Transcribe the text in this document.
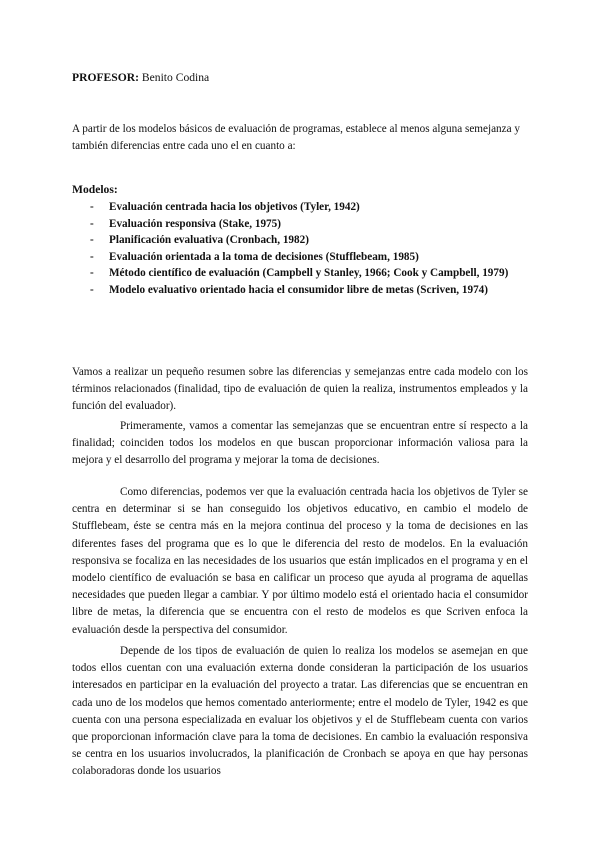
PROFESOR: Benito Codina
A partir de los modelos básicos de evaluación de programas, establece al menos alguna semejanza y también diferencias entre cada uno el en cuanto a:
Modelos:
- Evaluación centrada hacia los objetivos (Tyler, 1942)
- Evaluación responsiva (Stake, 1975)
- Planificación evaluativa (Cronbach, 1982)
- Evaluación orientada a la toma de decisiones (Stufflebeam, 1985)
- Método científico de evaluación (Campbell y Stanley, 1966; Cook y Campbell, 1979)
- Modelo evaluativo orientado hacia el consumidor libre de metas (Scriven, 1974)
Vamos a realizar un pequeño resumen sobre las diferencias y semejanzas entre cada modelo con los términos relacionados (finalidad, tipo de evaluación de quien la realiza, instrumentos empleados y la función del evaluador).
Primeramente, vamos a comentar las semejanzas que se encuentran entre sí respecto a la finalidad; coinciden todos los modelos en que buscan proporcionar información valiosa para la mejora y el desarrollo del programa y mejorar la toma de decisiones.
Como diferencias, podemos ver que la evaluación centrada hacia los objetivos de Tyler se centra en determinar si se han conseguido los objetivos educativo, en cambio el modelo de Stufflebeam, éste se centra más en la mejora continua del proceso y la toma de decisiones en las diferentes fases del programa que es lo que le diferencia del resto de modelos. En la evaluación responsiva se focaliza en las necesidades de los usuarios que están implicados en el programa y en el modelo científico de evaluación se basa en calificar un proceso que ayuda al programa de aquellas necesidades que pueden llegar a cambiar. Y por último modelo está el orientado hacia el consumidor libre de metas, la diferencia que se encuentra con el resto de modelos es que Scriven enfoca la evaluación desde la perspectiva del consumidor.
Depende de los tipos de evaluación de quien lo realiza los modelos se asemejan en que todos ellos cuentan con una evaluación externa donde consideran la participación de los usuarios interesados en participar en la evaluación del proyecto a tratar. Las diferencias que se encuentran en cada uno de los modelos que hemos comentado anteriormente; entre el modelo de Tyler, 1942 es que cuenta con una persona especializada en evaluar los objetivos y el de Stufflebeam cuenta con varios que proporcionan información clave para la toma de decisiones. En cambio la evaluación responsiva se centra en los usuarios involucrados, la planificación de Cronbach se apoya en que hay personas colaboradoras donde los usuarios
